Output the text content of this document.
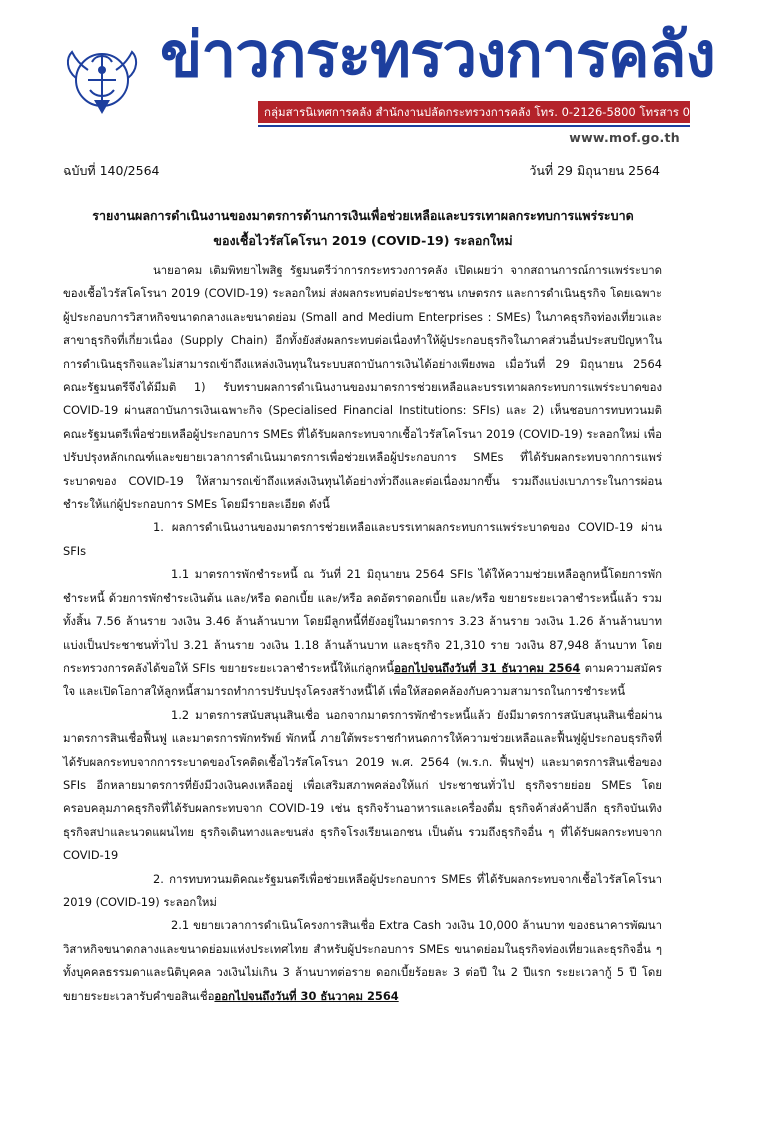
ข่าวกระทรวงการคลัง
กลุ่มสารนิเทศการคลัง สำนักงานปลัดกระทรวงการคลัง โทร. 0-2126-5800 โทรสาร 0-2273-9763
www.mof.go.th
ฉบับที่ 140/2564	วันที่ 29 มิถุนายน 2564
รายงานผลการดำเนินงานของมาตรการด้านการเงินเพื่อช่วยเหลือและบรรเทาผลกระทบการแพร่ระบาด
ของเชื้อไวรัสโคโรนา 2019 (COVID-19) ระลอกใหม่

นายอาคม เติมพิทยาไพสิฐ รัฐมนตรีว่าการกระทรวงการคลัง เปิดเผยว่า จากสถานการณ์การแพร่ระบาดของเชื้อไวรัสโคโรนา 2019 (COVID-19) ระลอกใหม่ ส่งผลกระทบต่อประชาชน เกษตรกร และการดำเนินธุรกิจ โดยเฉพาะผู้ประกอบการวิสาหกิจขนาดกลางและขนาดย่อม (Small and Medium Enterprises : SMEs) ในภาคธุรกิจท่องเที่ยวและสาขาธุรกิจที่เกี่ยวเนื่อง (Supply Chain) อีกทั้งยังส่งผลกระทบต่อเนื่องทำให้ผู้ประกอบธุรกิจในภาคส่วนอื่นประสบปัญหาในการดำเนินธุรกิจและไม่สามารถเข้าถึงแหล่งเงินทุนในระบบสถาบันการเงินได้อย่างเพียงพอ เมื่อวันที่ 29 มิถุนายน 2564 คณะรัฐมนตรีจึงได้มีมติ 1) รับทราบผลการดำเนินงานของมาตรการช่วยเหลือและบรรเทาผลกระทบการแพร่ระบาดของ COVID-19 ผ่านสถาบันการเงินเฉพาะกิจ (Specialised Financial Institutions: SFIs) และ 2) เห็นชอบการทบทวนมติคณะรัฐมนตรีเพื่อช่วยเหลือผู้ประกอบการ SMEs ที่ได้รับผลกระทบจากเชื้อไวรัสโคโรนา 2019 (COVID-19) ระลอกใหม่ เพื่อปรับปรุงหลักเกณฑ์และขยายเวลาการดำเนินมาตรการเพื่อช่วยเหลือผู้ประกอบการ SMEs ที่ได้รับผลกระทบจากการแพร่ระบาดของ COVID-19 ให้สามารถเข้าถึงแหล่งเงินทุนได้อย่างทั่วถึงและต่อเนื่องมากขึ้น รวมถึงแบ่งเบาภาระในการผ่อนชำระให้แก่ผู้ประกอบการ SMEs โดยมีรายละเอียด ดังนี้

1. ผลการดำเนินงานของมาตรการช่วยเหลือและบรรเทาผลกระทบการแพร่ระบาดของ COVID-19 ผ่าน SFIs

1.1 มาตรการพักชำระหนี้ ณ วันที่ 21 มิถุนายน 2564 SFIs ได้ให้ความช่วยเหลือลูกหนี้โดยการพักชำระหนี้ ด้วยการพักชำระเงินต้น และ/หรือ ดอกเบี้ย และ/หรือ ลดอัตราดอกเบี้ย และ/หรือ ขยายระยะเวลาชำระหนี้แล้ว รวมทั้งสิ้น 7.56 ล้านราย วงเงิน 3.46 ล้านล้านบาท โดยมีลูกหนี้ที่ยังอยู่ในมาตรการ 3.23 ล้านราย วงเงิน 1.26 ล้านล้านบาท แบ่งเป็นประชาชนทั่วไป 3.21 ล้านราย วงเงิน 1.18 ล้านล้านบาท และธุรกิจ 21,310 ราย วงเงิน 87,948 ล้านบาท โดยกระทรวงการคลังได้ขอให้ SFIs ขยายระยะเวลาชำระหนี้ให้แก่ลูกหนี้ออกไปจนถึงวันที่ 31 ธันวาคม 2564 ตามความสมัครใจ และเปิดโอกาสให้ลูกหนี้สามารถทำการปรับปรุงโครงสร้างหนี้ได้ เพื่อให้สอดคล้องกับความสามารถในการชำระหนี้

1.2 มาตรการสนับสนุนสินเชื่อ นอกจากมาตรการพักชำระหนี้แล้ว ยังมีมาตรการสนับสนุนสินเชื่อผ่านมาตรการสินเชื่อฟื้นฟู และมาตรการพักทรัพย์ พักหนี้ ภายใต้พระราชกำหนดการให้ความช่วยเหลือและฟื้นฟูผู้ประกอบธุรกิจที่ได้รับผลกระทบจากการระบาดของโรคติดเชื้อไวรัสโคโรนา 2019 พ.ศ. 2564 (พ.ร.ก. ฟื้นฟูฯ) และมาตรการสินเชื่อของ SFIs อีกหลายมาตรการที่ยังมีวงเงินคงเหลืออยู่ เพื่อเสริมสภาพคล่องให้แก่ ประชาชนทั่วไป ธุรกิจรายย่อย SMEs โดยครอบคลุมภาคธุรกิจที่ได้รับผลกระทบจาก COVID-19 เช่น ธุรกิจร้านอาหารและเครื่องดื่ม ธุรกิจค้าส่งค้าปลีก ธุรกิจบันเทิง ธุรกิจสปาและนวดแผนไทย ธุรกิจเดินทางและขนส่ง ธุรกิจโรงเรียนเอกชน เป็นต้น รวมถึงธุรกิจอื่น ๆ ที่ได้รับผลกระทบจาก COVID-19

2. การทบทวนมติคณะรัฐมนตรีเพื่อช่วยเหลือผู้ประกอบการ SMEs ที่ได้รับผลกระทบจากเชื้อไวรัสโคโรนา 2019 (COVID-19) ระลอกใหม่

2.1 ขยายเวลาการดำเนินโครงการสินเชื่อ Extra Cash วงเงิน 10,000 ล้านบาท ของธนาคารพัฒนาวิสาหกิจขนาดกลางและขนาดย่อมแห่งประเทศไทย สำหรับผู้ประกอบการ SMEs ขนาดย่อมในธุรกิจท่องเที่ยวและธุรกิจอื่น ๆ ทั้งบุคคลธรรมดาและนิติบุคคล วงเงินไม่เกิน 3 ล้านบาทต่อราย ดอกเบี้ยร้อยละ 3 ต่อปี ใน 2 ปีแรก ระยะเวลากู้ 5 ปี โดยขยายระยะเวลารับคำขอสินเชื่อออกไปจนถึงวันที่ 30 ธันวาคม 2564
